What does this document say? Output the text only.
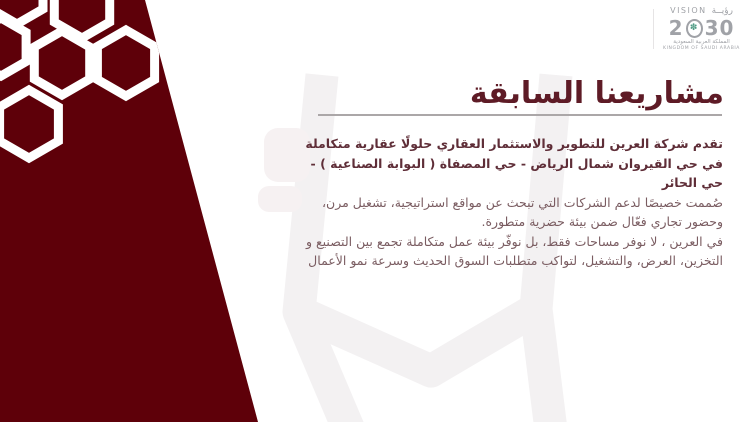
VISION رؤيــة
2 ✽ 30
المملكة العربية السعودية
KINGDOM OF SAUDI ARABIA
مشاريعنا السابقة

تقدم شركة العرين للتطوير والاستثمار العقاري حلولًا عقارية متكاملة في حي القيروان شمال الرياض - حي المصفاة ( البوابة الصناعية ) - حي الحائر

صُممت خصيصًا لدعم الشركات التي تبحث عن مواقع استراتيجية، تشغيل مرن، وحضور تجاري فعّال ضمن بيئة حضرية متطورة.

في العرين ، لا نوفر مساحات فقط، بل نوفّر بيئة عمل متكاملة تجمع بين التصنيع و التخزين، العرض، والتشغيل، لتواكب متطلبات السوق الحديث وسرعة نمو الأعمال
